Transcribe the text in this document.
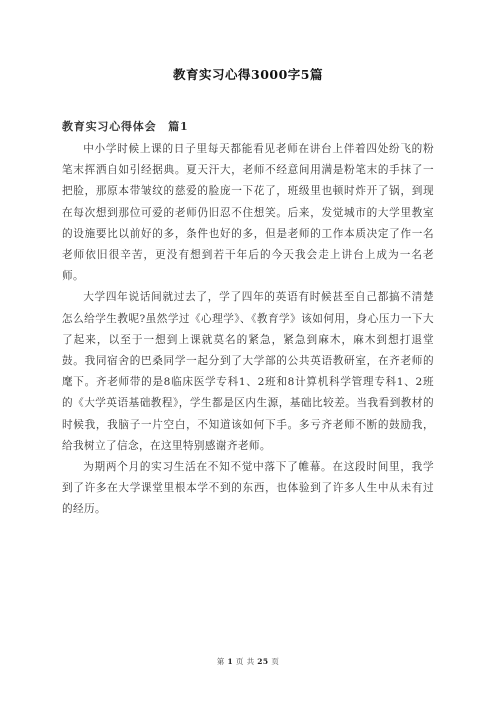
教育实习心得3000字5篇
教育实习心得体会　篇1

中小学时候上课的日子里每天都能看见老师在讲台上伴着四处纷飞的粉笔末挥洒自如引经据典。夏天汗大，老师不经意间用满是粉笔末的手抹了一把脸，那原本带皱纹的慈爱的脸庞一下花了，班级里也顿时炸开了锅，到现在每次想到那位可爱的老师仍旧忍不住想笑。后来，发觉城市的大学里教室的设施要比以前好的多，条件也好的多，但是老师的工作本质决定了作一名老师依旧很辛苦，更没有想到若干年后的今天我会走上讲台上成为一名老师。

大学四年说话间就过去了，学了四年的英语有时候甚至自己都搞不清楚怎么给学生教呢?虽然学过《心理学》、《教育学》该如何用，身心压力一下大了起来，以至于一想到上课就莫名的紧急，紧急到麻木，麻木到想打退堂鼓。我同宿舍的巴桑同学一起分到了大学部的公共英语教研室，在齐老师的麾下。齐老师带的是8临床医学专科1、2班和8计算机科学管理专科1、2班的《大学英语基础教程》，学生都是区内生源，基础比较差。当我看到教材的时候我，我脑子一片空白，不知道该如何下手。多亏齐老师不断的鼓励我，给我树立了信念，在这里特别感谢齐老师。

为期两个月的实习生活在不知不觉中落下了帷幕。在这段时间里，我学到了许多在大学课堂里根本学不到的东西，也体验到了许多人生中从未有过的经历。

第 1 页 共 25 页
